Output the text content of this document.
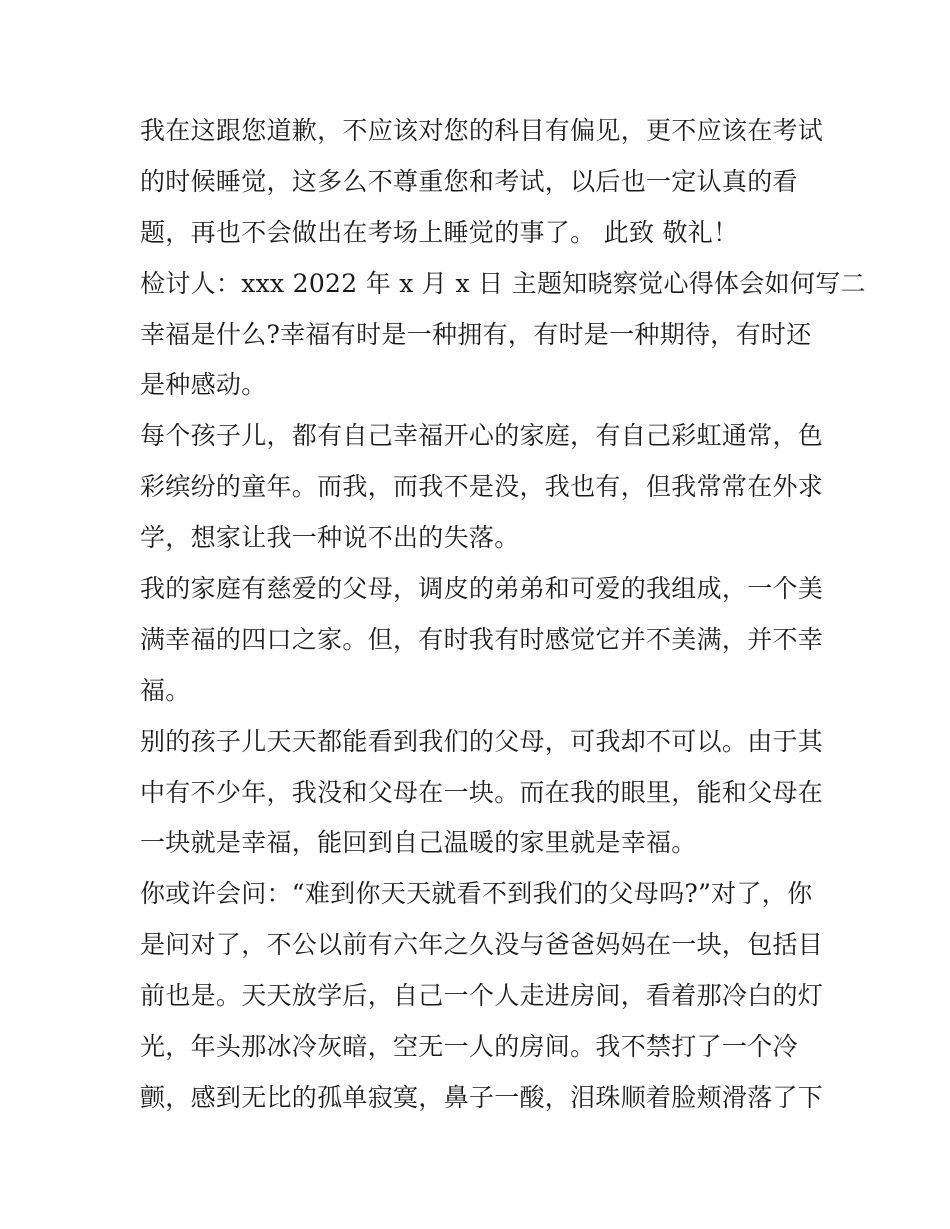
我在这跟您道歉，不应该对您的科目有偏见，更不应该在考试
的时候睡觉，这多么不尊重您和考试，以后也一定认真的看
题，再也不会做出在考场上睡觉的事了。 此致 敬礼！
检讨人：xxx 2022 年 x 月 x 日 主题知晓察觉心得体会如何写二
幸福是什么?幸福有时是一种拥有，有时是一种期待，有时还
是种感动。
每个孩子儿，都有自己幸福开心的家庭，有自己彩虹通常，色
彩缤纷的童年。而我，而我不是没，我也有，但我常常在外求
学，想家让我一种说不出的失落。
我的家庭有慈爱的父母，调皮的弟弟和可爱的我组成，一个美
满幸福的四口之家。但，有时我有时感觉它并不美满，并不幸
福。
别的孩子儿天天都能看到我们的父母，可我却不可以。由于其
中有不少年，我没和父母在一块。而在我的眼里，能和父母在
一块就是幸福，能回到自己温暖的家里就是幸福。
你或许会问：“难到你天天就看不到我们的父母吗?”对了，你
是问对了，不公以前有六年之久没与爸爸妈妈在一块，包括目
前也是。天天放学后，自己一个人走进房间，看着那冷白的灯
光，年头那冰冷灰暗，空无一人的房间。我不禁打了一个冷
颤，感到无比的孤单寂寞，鼻子一酸，泪珠顺着脸颊滑落了下
